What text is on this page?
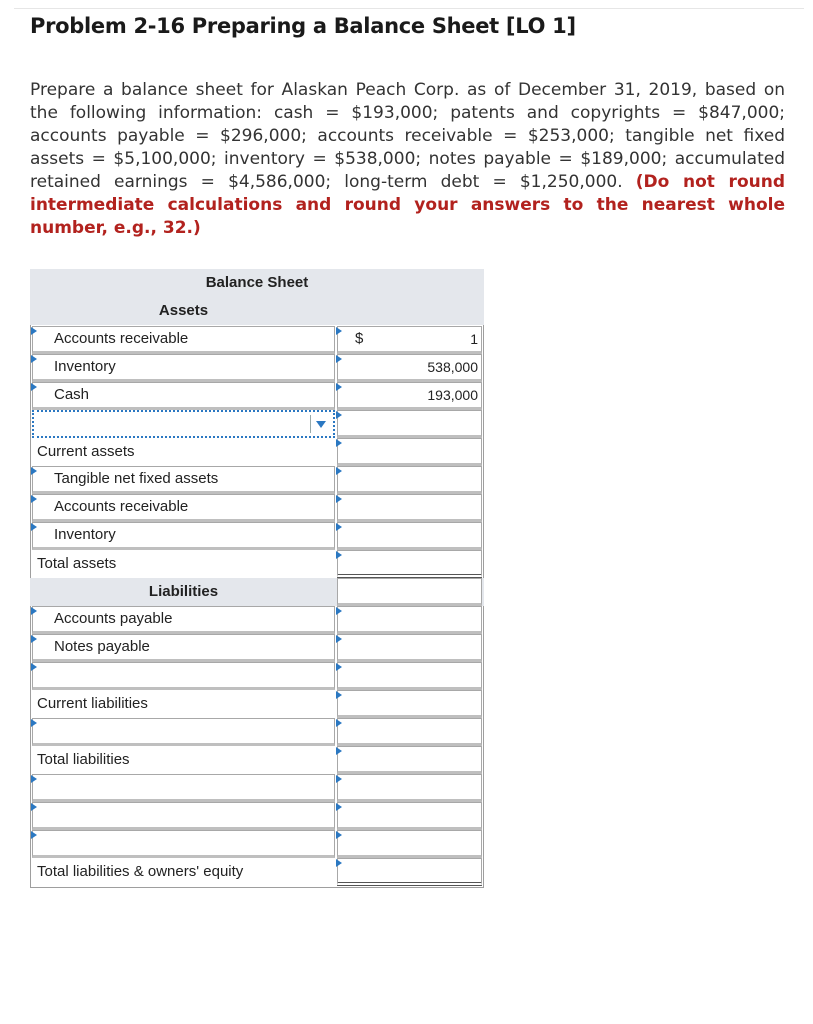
Problem 2-16 Preparing a Balance Sheet [LO 1]

Prepare a balance sheet for Alaskan Peach Corp. as of December 31, 2019, based on the following information: cash = $193,000; patents and copyrights = $847,000; accounts payable = $296,000; accounts receivable = $253,000; tangible net fixed assets = $5,100,000; inventory = $538,000; notes payable = $189,000; accumulated retained earnings = $4,586,000; long-term debt = $1,250,000. (Do not round intermediate calculations and round your answers to the nearest whole number, e.g., 32.)

Balance Sheet
Assets
Accounts receivable	$	1
Inventory	538,000
Cash	193,000
Current assets
Tangible net fixed assets
Accounts receivable
Inventory
Total assets
Liabilities
Accounts payable
Notes payable
Current liabilities
Total liabilities
Total liabilities & owners' equity
